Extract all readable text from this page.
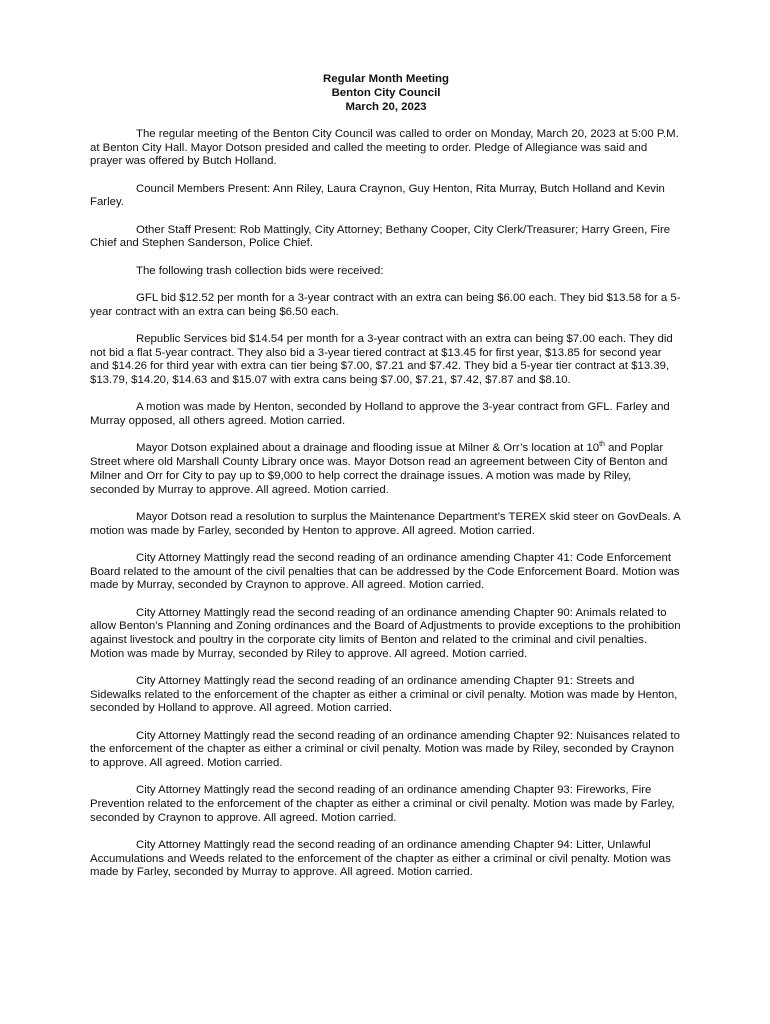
Regular Month Meeting
Benton City Council
March 20, 2023

The regular meeting of the Benton City Council was called to order on Monday, March 20, 2023 at 5:00 P.M. at Benton City Hall. Mayor Dotson presided and called the meeting to order. Pledge of Allegiance was said and prayer was offered by Butch Holland.

Council Members Present: Ann Riley, Laura Craynon, Guy Henton, Rita Murray, Butch Holland and Kevin Farley.

Other Staff Present: Rob Mattingly, City Attorney; Bethany Cooper, City Clerk/Treasurer; Harry Green, Fire Chief and Stephen Sanderson, Police Chief.

The following trash collection bids were received:

GFL bid $12.52 per month for a 3-year contract with an extra can being $6.00 each. They bid $13.58 for a 5-year contract with an extra can being $6.50 each.

Republic Services bid $14.54 per month for a 3-year contract with an extra can being $7.00 each. They did not bid a flat 5-year contract. They also bid a 3-year tiered contract at $13.45 for first year, $13.85 for second year and $14.26 for third year with extra can tier being $7.00, $7.21 and $7.42. They bid a 5-year tier contract at $13.39, $13.79, $14.20, $14.63 and $15.07 with extra cans being $7.00, $7.21, $7.42, $7.87 and $8.10.

A motion was made by Henton, seconded by Holland to approve the 3-year contract from GFL. Farley and Murray opposed, all others agreed. Motion carried.

Mayor Dotson explained about a drainage and flooding issue at Milner & Orr’s location at 10th and Poplar Street where old Marshall County Library once was. Mayor Dotson read an agreement between City of Benton and Milner and Orr for City to pay up to $9,000 to help correct the drainage issues. A motion was made by Riley, seconded by Murray to approve. All agreed. Motion carried.

Mayor Dotson read a resolution to surplus the Maintenance Department’s TEREX skid steer on GovDeals. A motion was made by Farley, seconded by Henton to approve. All agreed. Motion carried.

City Attorney Mattingly read the second reading of an ordinance amending Chapter 41: Code Enforcement Board related to the amount of the civil penalties that can be addressed by the Code Enforcement Board. Motion was made by Murray, seconded by Craynon to approve. All agreed. Motion carried.

City Attorney Mattingly read the second reading of an ordinance amending Chapter 90: Animals related to allow Benton’s Planning and Zoning ordinances and the Board of Adjustments to provide exceptions to the prohibition against livestock and poultry in the corporate city limits of Benton and related to the criminal and civil penalties. Motion was made by Murray, seconded by Riley to approve. All agreed. Motion carried.

City Attorney Mattingly read the second reading of an ordinance amending Chapter 91: Streets and Sidewalks related to the enforcement of the chapter as either a criminal or civil penalty. Motion was made by Henton, seconded by Holland to approve. All agreed. Motion carried.

City Attorney Mattingly read the second reading of an ordinance amending Chapter 92: Nuisances related to the enforcement of the chapter as either a criminal or civil penalty. Motion was made by Riley, seconded by Craynon to approve. All agreed. Motion carried.

City Attorney Mattingly read the second reading of an ordinance amending Chapter 93: Fireworks, Fire Prevention related to the enforcement of the chapter as either a criminal or civil penalty. Motion was made by Farley, seconded by Craynon to approve. All agreed. Motion carried.

City Attorney Mattingly read the second reading of an ordinance amending Chapter 94: Litter, Unlawful Accumulations and Weeds related to the enforcement of the chapter as either a criminal or civil penalty. Motion was made by Farley, seconded by Murray to approve. All agreed. Motion carried.
